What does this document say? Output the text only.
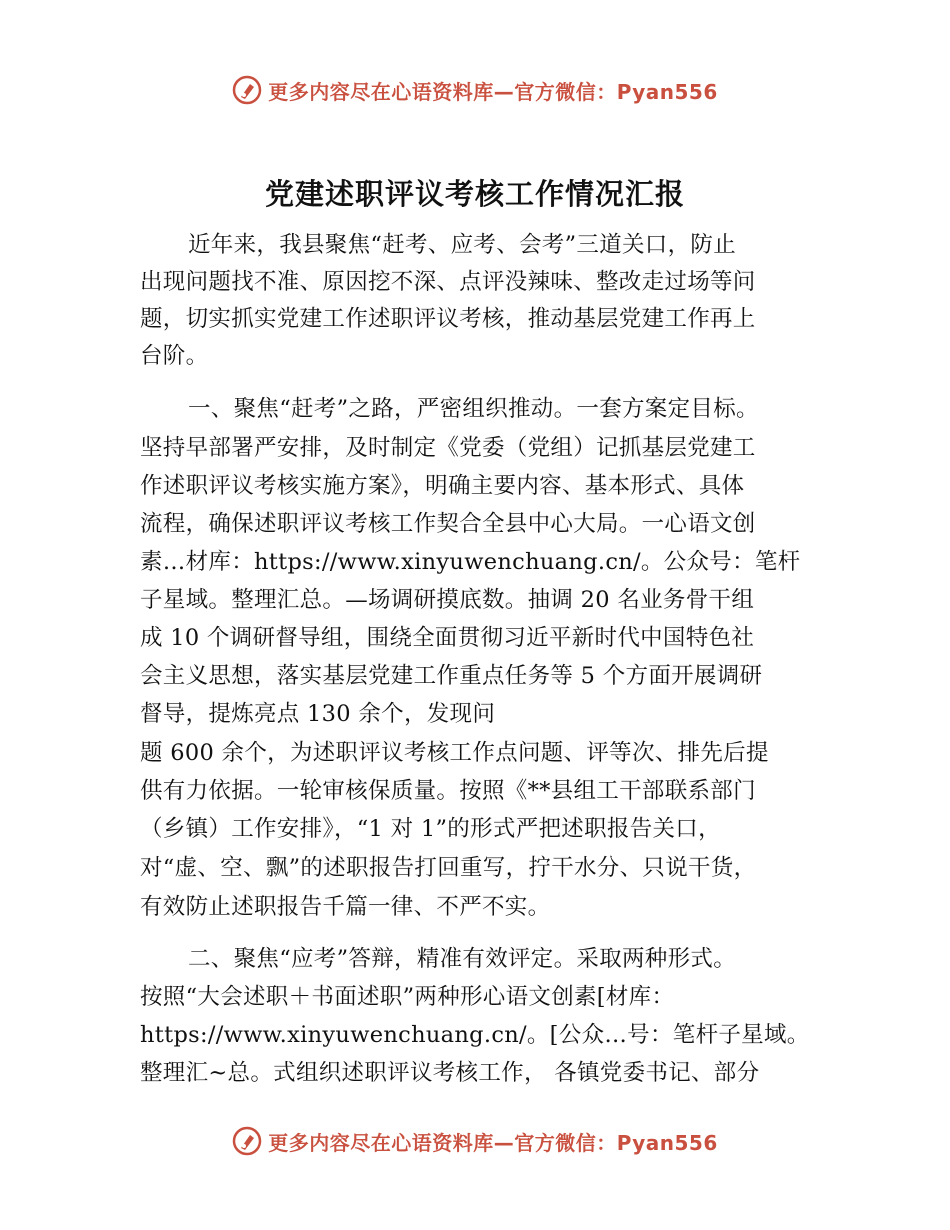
更多内容尽在心语资料库—官方微信：Pyan556
党建述职评议考核工作情况汇报
近年来，我县聚焦“赶考、应考、会考”三道关口，防止
出现问题找不准、原因挖不深、点评没辣味、整改走过场等问
题，切实抓实党建工作述职评议考核，推动基层党建工作再上
台阶。
一、聚焦“赶考”之路，严密组织推动。一套方案定目标。
坚持早部署严安排，及时制定《党委（党组）记抓基层党建工
作述职评议考核实施方案》，明确主要内容、基本形式、具体
流程，确保述职评议考核工作契合全县中心大局。一心语文创
素…材库：https://www.xinyuwenchuang.cn/。公众号：笔杆
子星域。整理汇总。—场调研摸底数。抽调 20 名业务骨干组
成 10 个调研督导组，围绕全面贯彻习近平新时代中国特色社
会主义思想，落实基层党建工作重点任务等 5 个方面开展调研
督导，提炼亮点 130 余个，发现问
题 600 余个，为述职评议考核工作点问题、评等次、排先后提
供有力依据。一轮审核保质量。按照《**县组工干部联系部门
（乡镇）工作安排》，“1 对 1”的形式严把述职报告关口，
对“虚、空、飘”的述职报告打回重写，拧干水分、只说干货，
有效防止述职报告千篇一律、不严不实。
二、聚焦“应考”答辩，精准有效评定。采取两种形式。
按照“大会述职＋书面述职”两种形心语文创素[材库：
https://www.xinyuwenchuang.cn/。[公众…号：笔杆子星域。
整理汇~总。式组织述职评议考核工作， 各镇党委书记、部分
更多内容尽在心语资料库—官方微信：Pyan556
